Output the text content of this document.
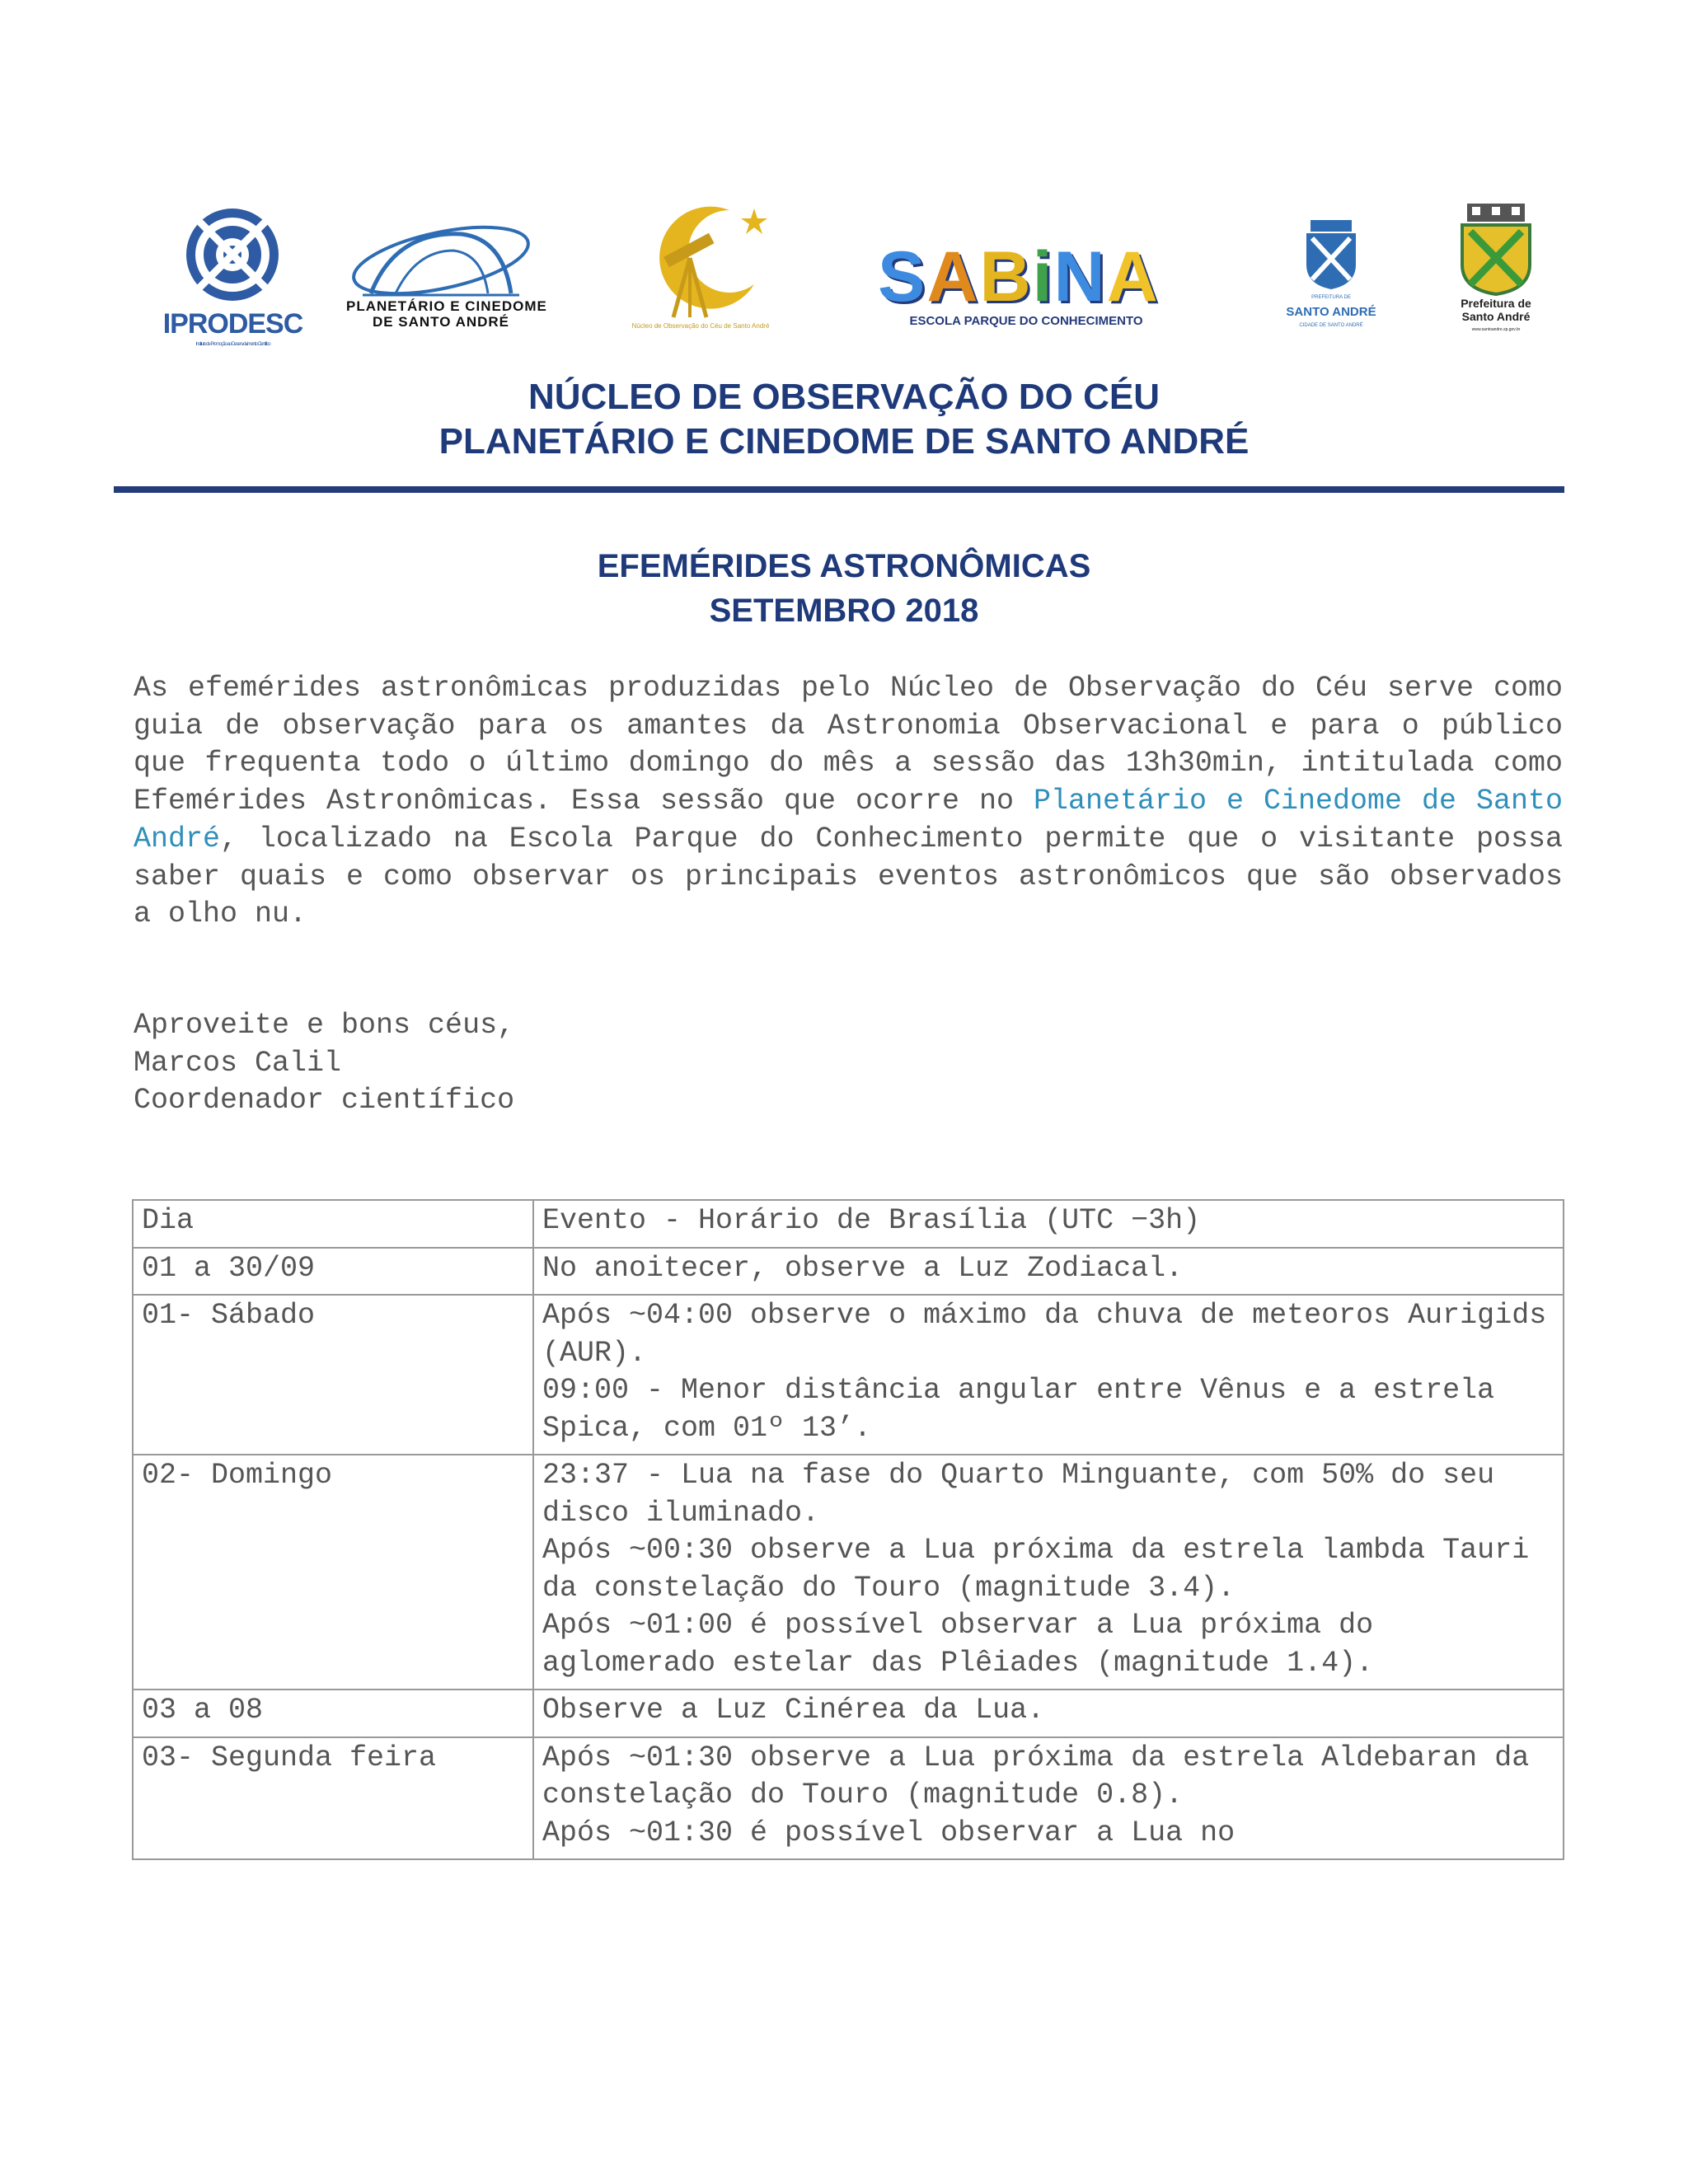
IPRODESC
Instituto de Promoção ao Desenvolvimento Científico
PLANETÁRIO E CINEDOME
DE SANTO ANDRÉ	Núcleo de Observação do Céu de Santo André
SABiNA
ESCOLA PARQUE DO CONHECIMENTO
PREFEITURA DE
SANTO ANDRÉ
CIDADE DE SANTO ANDRÉ
Prefeitura de
Santo André
www.santoandre.sp.gov.br
NÚCLEO DE OBSERVAÇÃO DO CÉU
PLANETÁRIO E CINEDOME DE SANTO ANDRÉ
EFEMÉRIDES ASTRONÔMICAS
SETEMBRO 2018
As efemérides astronômicas produzidas pelo Núcleo de Observação do Céu serve como guia de observação para os amantes da Astronomia Observacional e para o público que frequenta todo o último domingo do mês a sessão das 13h30min, intitulada como Efemérides Astronômicas. Essa sessão que ocorre no Planetário e Cinedome de Santo André, localizado na Escola Parque do Conhecimento permite que o visitante possa saber quais e como observar os principais eventos astronômicos que são observados a olho nu.
Aproveite e bons céus,
Marcos Calil
Coordenador científico
Dia	Evento - Horário de Brasília (UTC −3h)
01 a 30/09	No anoitecer, observe a Luz Zodiacal.

01- Sábado	Após ~04:00 observe o máximo da chuva de meteoros Aurigids (AUR).
09:00 - Menor distância angular entre Vênus e a estrela Spica, com 01º 13’.

02- Domingo	23:37 - Lua na fase do Quarto Minguante, com 50% do seu disco iluminado.
Após ~00:30 observe a Lua próxima da estrela lambda Tauri da constelação do Touro (magnitude 3.4).
Após ~01:00 é possível observar a Lua próxima do aglomerado estelar das Plêiades (magnitude 1.4).

03 a 08	Observe a Luz Cinérea da Lua.

03- Segunda feira	Após ~01:30 observe a Lua próxima da estrela Aldebaran da constelação do Touro (magnitude 0.8).
Após ~01:30 é possível observar a Lua no
